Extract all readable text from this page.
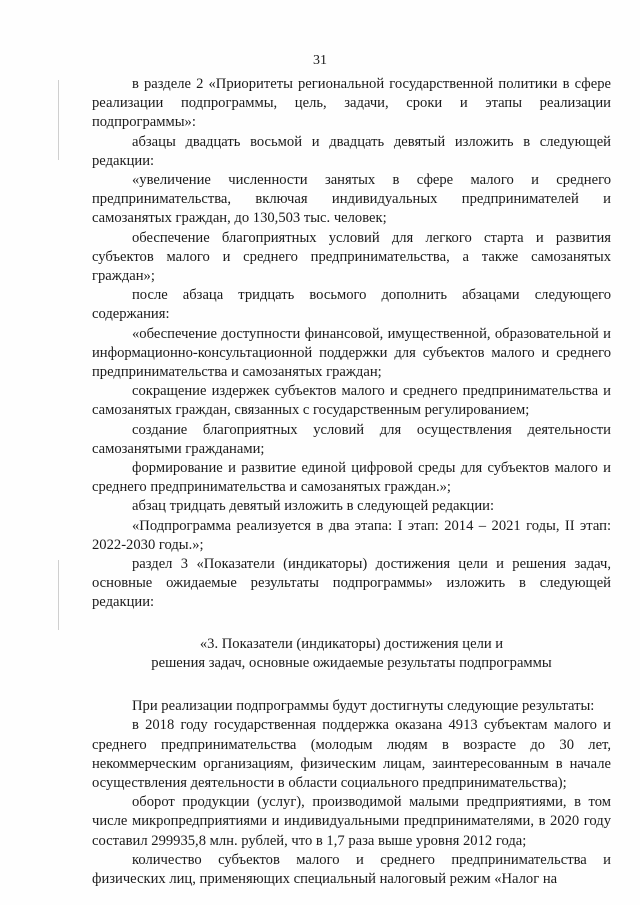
31

в разделе 2 «Приоритеты региональной государственной политики в сфере реализации подпрограммы, цель, задачи, сроки и этапы реализации подпрограммы»:

абзацы двадцать восьмой и двадцать девятый изложить в следующей редакции:

«увеличение численности занятых в сфере малого и среднего предпринимательства, включая индивидуальных предпринимателей и самозанятых граждан, до 130,503 тыс. человек;

обеспечение благоприятных условий для легкого старта и развития субъектов малого и среднего предпринимательства, а также самозанятых граждан»;

после абзаца тридцать восьмого дополнить абзацами следующего содержания:

«обеспечение доступности финансовой, имущественной, образовательной и информационно-консультационной поддержки для субъектов малого и среднего предпринимательства и самозанятых граждан;

сокращение издержек субъектов малого и среднего предпринимательства и самозанятых граждан, связанных с государственным регулированием;

создание благоприятных условий для осуществления деятельности самозанятыми гражданами;

формирование и развитие единой цифровой среды для субъектов малого и среднего предпринимательства и самозанятых граждан.»;

абзац тридцать девятый изложить в следующей редакции:

«Подпрограмма реализуется в два этапа: I этап: 2014 – 2021 годы, II этап: 2022-2030 годы.»;

раздел 3 «Показатели (индикаторы) достижения цели и решения задач, основные ожидаемые результаты подпрограммы» изложить в следующей редакции:

«3. Показатели (индикаторы) достижения цели и
решения задач, основные ожидаемые результаты подпрограммы

При реализации подпрограммы будут достигнуты следующие результаты:

в 2018 году государственная поддержка оказана 4913 субъектам малого и среднего предпринимательства (молодым людям в возрасте до 30 лет, некоммерческим организациям, физическим лицам, заинтересованным в начале осуществления деятельности в области социального предпринимательства);

оборот продукции (услуг), производимой малыми предприятиями, в том числе микропредприятиями и индивидуальными предпринимателями, в 2020 году составил 299935,8 млн. рублей, что в 1,7 раза выше уровня 2012 года;

количество субъектов малого и среднего предпринимательства и физических лиц, применяющих специальный налоговый режим «Налог на
